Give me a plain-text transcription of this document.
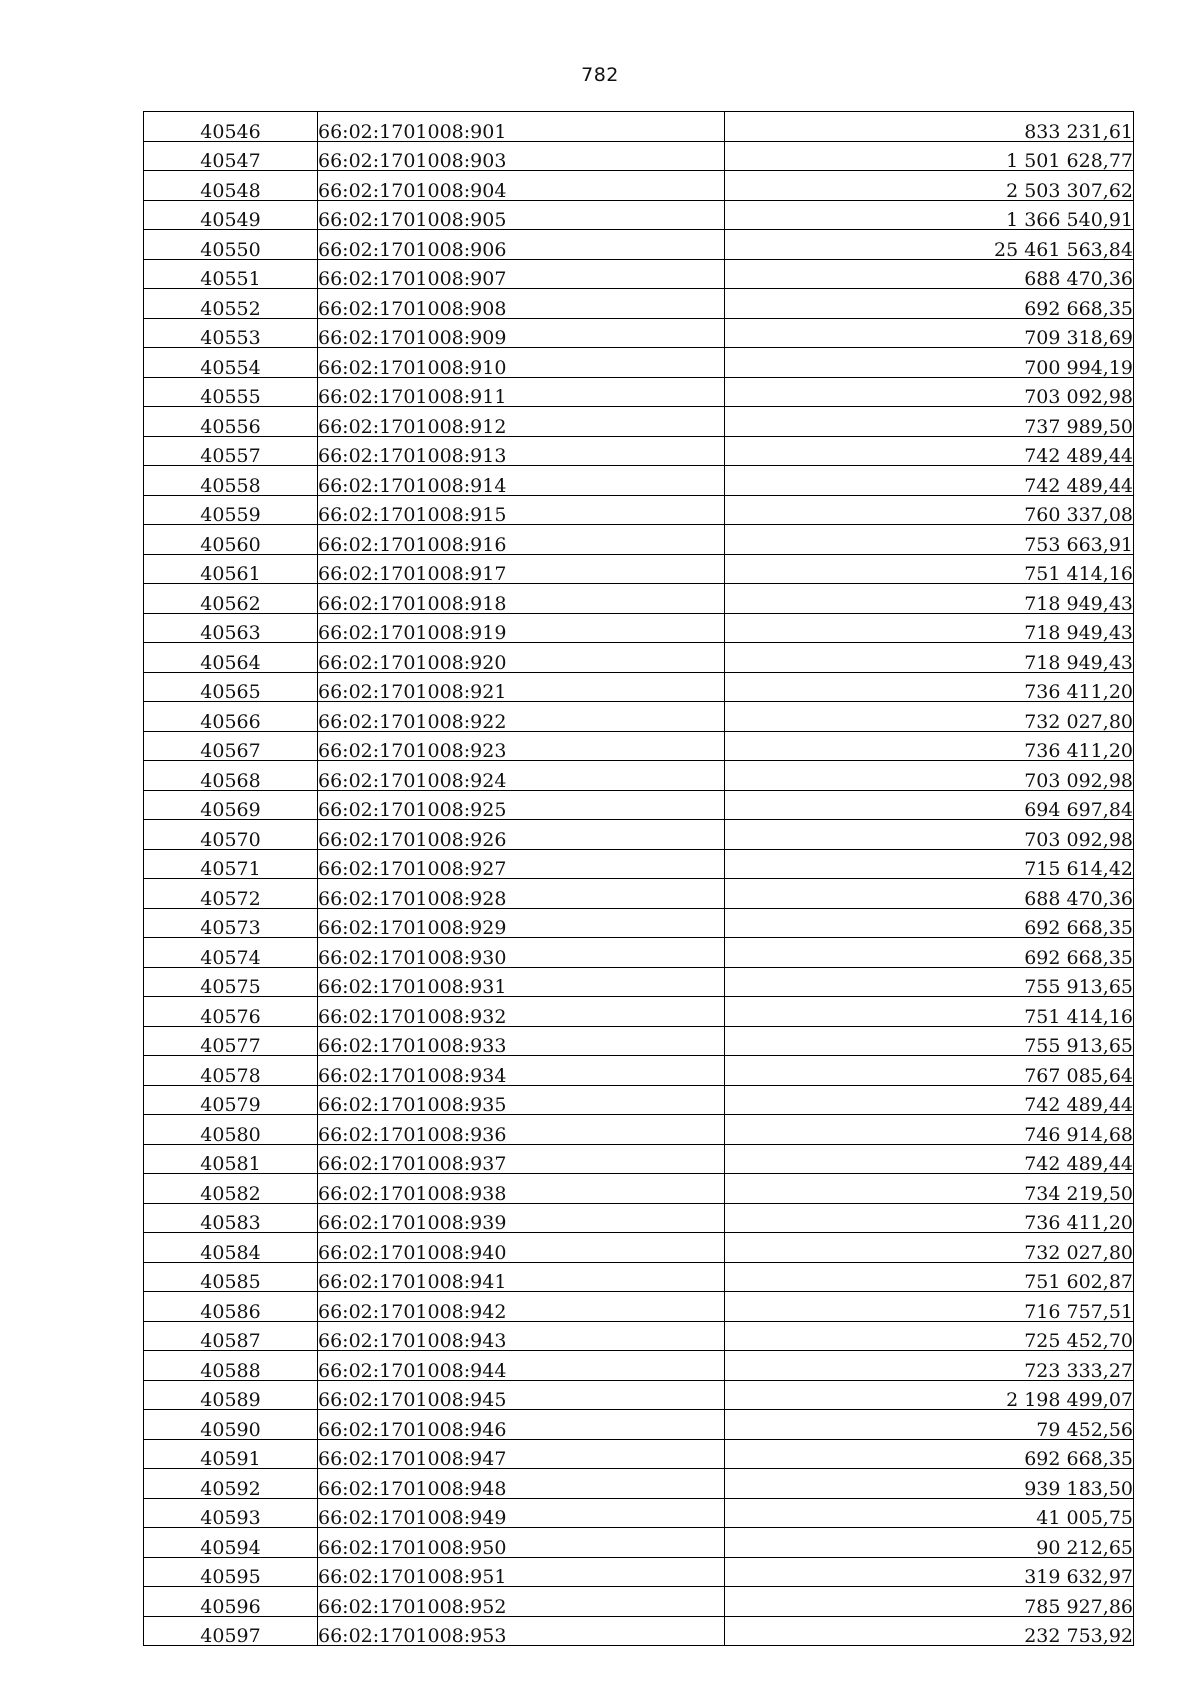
782
40546	66:02:1701008:901	833 231,61
40547	66:02:1701008:903	1 501 628,77
40548	66:02:1701008:904	2 503 307,62
40549	66:02:1701008:905	1 366 540,91
40550	66:02:1701008:906	25 461 563,84
40551	66:02:1701008:907	688 470,36
40552	66:02:1701008:908	692 668,35
40553	66:02:1701008:909	709 318,69
40554	66:02:1701008:910	700 994,19
40555	66:02:1701008:911	703 092,98
40556	66:02:1701008:912	737 989,50
40557	66:02:1701008:913	742 489,44
40558	66:02:1701008:914	742 489,44
40559	66:02:1701008:915	760 337,08
40560	66:02:1701008:916	753 663,91
40561	66:02:1701008:917	751 414,16
40562	66:02:1701008:918	718 949,43
40563	66:02:1701008:919	718 949,43
40564	66:02:1701008:920	718 949,43
40565	66:02:1701008:921	736 411,20
40566	66:02:1701008:922	732 027,80
40567	66:02:1701008:923	736 411,20
40568	66:02:1701008:924	703 092,98
40569	66:02:1701008:925	694 697,84
40570	66:02:1701008:926	703 092,98
40571	66:02:1701008:927	715 614,42
40572	66:02:1701008:928	688 470,36
40573	66:02:1701008:929	692 668,35
40574	66:02:1701008:930	692 668,35
40575	66:02:1701008:931	755 913,65
40576	66:02:1701008:932	751 414,16
40577	66:02:1701008:933	755 913,65
40578	66:02:1701008:934	767 085,64
40579	66:02:1701008:935	742 489,44
40580	66:02:1701008:936	746 914,68
40581	66:02:1701008:937	742 489,44
40582	66:02:1701008:938	734 219,50
40583	66:02:1701008:939	736 411,20
40584	66:02:1701008:940	732 027,80
40585	66:02:1701008:941	751 602,87
40586	66:02:1701008:942	716 757,51
40587	66:02:1701008:943	725 452,70
40588	66:02:1701008:944	723 333,27
40589	66:02:1701008:945	2 198 499,07
40590	66:02:1701008:946	79 452,56
40591	66:02:1701008:947	692 668,35
40592	66:02:1701008:948	939 183,50
40593	66:02:1701008:949	41 005,75
40594	66:02:1701008:950	90 212,65
40595	66:02:1701008:951	319 632,97
40596	66:02:1701008:952	785 927,86
40597	66:02:1701008:953	232 753,92
